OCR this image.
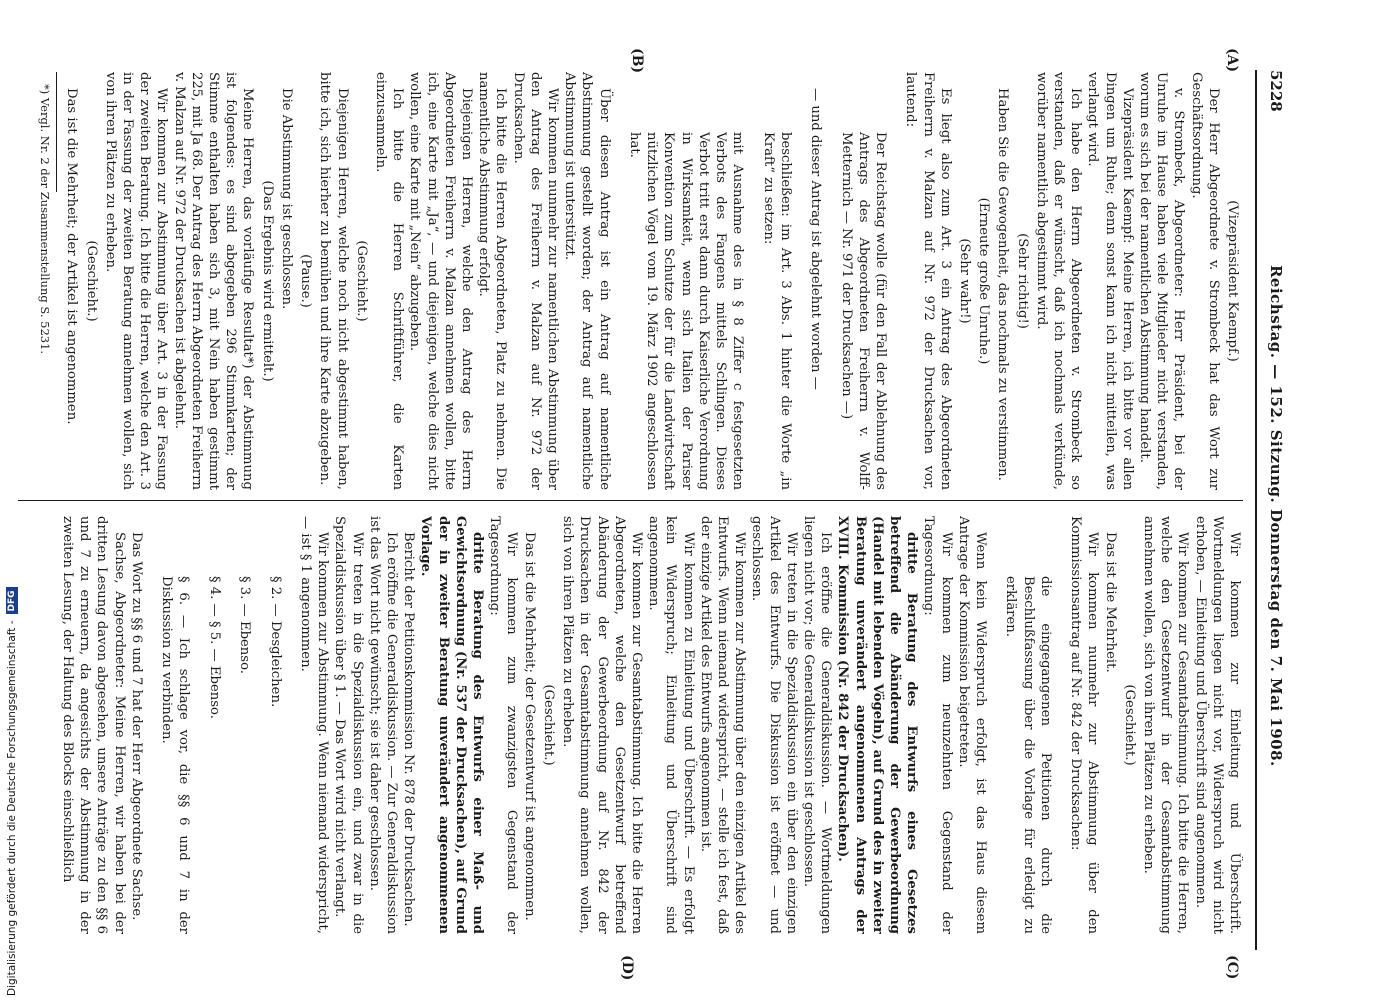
5228
Reichstag. — 152. Sitzung. Donnerstag den 7. Mai 1908.
(A)
(B)
(C)
(D)

(Vizepräsident Kaempf.)

Der Herr Abgeordnete v. Strombeck hat das Wort zur Geschäftsordnung.

v. Strombeck, Abgeordneter: Herr Präsident, bei der Unruhe im Hause haben viele Mitglieder nicht verstanden, worum es sich bei der namentlichen Abstimmung handelt.

Vizepräsident Kaempf: Meine Herren, ich bitte vor allen Dingen um Ruhe; denn sonst kann ich nicht mitteilen, was verlangt wird.

Ich habe den Herrn Abgeordneten v. Strombeck so verstanden, daß er wünscht, daß ich nochmals verkünde, worüber namentlich abgestimmt wird.

(Sehr richtig!)

Haben Sie die Gewogenheit, das nochmals zu verstimmen.

(Erneute große Unruhe.)

(Sehr wahr!)

Es liegt also zum Art. 3 ein Antrag des Abgeordneten Freiherrn v. Malzan auf Nr. 972 der Drucksachen vor, lautend:

Der Reichstag wolle (für den Fall der Ablehnung des Antrags des Abgeordneten Freiherrn v. Wolff-Metternich — Nr. 971 der Drucksachen —)

— und dieser Antrag ist abgelehnt worden —

beschließen: im Art. 3 Abs. 1 hinter die Worte „in Kraft“ zu setzen:

mit Ausnahme des in § 8 Ziffer c festgesetzten Verbots des Fangens mittels Schlingen. Dieses Verbot tritt erst dann durch Kaiserliche Verordnung in Wirksamkeit, wenn sich Italien der Pariser Konvention zum Schutze der für die Landwirtschaft nützlichen Vögel vom 19. März 1902 angeschlossen hat.

Über diesen Antrag ist ein Antrag auf namentliche Abstimmung gestellt worden; der Antrag auf namentliche Abstimmung ist unterstützt.

Wir kommen nunmehr zur namentlichen Abstimmung über den Antrag des Freiherrn v. Malzan auf Nr. 972 der Drucksachen.

Ich bitte die Herren Abgeordneten, Platz zu nehmen. Die namentliche Abstimmung erfolgt.

Diejenigen Herren, welche den Antrag des Herrn Abgeordneten Freiherrn v. Malzan annehmen wollen, bitte ich, eine Karte mit „Ja“, — und diejenigen, welche dies nicht wollen, eine Karte mit „Nein“ abzugeben.

Ich bitte die Herren Schriftführer, die Karten einzusammeln.

(Geschieht.)

Diejenigen Herren, welche noch nicht abgestimmt haben, bitte ich, sich hierher zu bemühen und ihre Karte abzugeben.

(Pause.)

Die Abstimmung ist geschlossen.

(Das Ergebnis wird ermittelt.)

Meine Herren, das vorläufige Resultat*) der Abstimmung ist folgendes: es sind abgegeben 296 Stimmkarten; der Stimme enthalten haben sich 3, mit Nein haben gestimmt 225, mit Ja 68. Der Antrag des Herrn Abgeordneten Freiherrn v. Malzan auf Nr. 972 der Drucksachen ist abgelehnt.

Wir kommen zur Abstimmung über Art. 3 in der Fassung der zweiten Beratung. Ich bitte die Herren, welche den Art. 3 in der Fassung der zweiten Beratung annehmen wollen, sich von ihren Plätzen zu erheben.

(Geschieht.)

Das ist die Mehrheit; der Artikel ist angenommen.

*) Vergl. Nr. 2 der Zusammenstellung S. 5231.

Wir kommen zur Einleitung und Überschrift. Wortmeldungen liegen nicht vor, Widerspruch wird nicht erhoben, — Einleitung und Überschrift sind angenommen.

Wir kommen zur Gesamtabstimmung. Ich bitte die Herren, welche den Gesetzentwurf in der Gesamtabstimmung annehmen wollen, sich von ihren Plätzen zu erheben.

(Geschieht.)

Das ist die Mehrheit.

Wir kommen nunmehr zur Abstimmung über den Kommissionsantrag auf Nr. 842 der Drucksachen:

die eingegangenen Petitionen durch die Beschlußfassung über die Vorlage für erledigt zu erklären.

Wenn kein Widerspruch erfolgt, ist das Haus diesem Antrage der Kommission beigetreten.

Wir kommen zum neunzehnten Gegenstand der Tagesordnung:

dritte Beratung des Entwurfs eines Gesetzes betreffend die Abänderung der Gewerbeordnung (Handel mit lebenden Vögeln), auf Grund des in zweiter Beratung unverändert angenommenen Antrags der XVIII. Kommission (Nr. 842 der Drucksachen).

Ich eröffne die Generaldiskussion. — Wortmeldungen liegen nicht vor; die Generaldiskussion ist geschlossen.

Wir treten in die Spezialdiskussion ein über den einzigen Artikel des Entwurfs. Die Diskussion ist eröffnet — und geschlossen.

Wir kommen zur Abstimmung über den einzigen Artikel des Entwurfs. Wenn niemand widerspricht, — stelle ich fest, daß der einzige Artikel des Entwurfs angenommen ist.

Wir kommen zu Einleitung und Überschrift. — Es erfolgt kein Widerspruch; Einleitung und Überschrift sind angenommen.

Wir kommen zur Gesamtabstimmung. Ich bitte die Herren Abgeordneten, welche den Gesetzentwurf betreffend Abänderung der Gewerbeordnung auf Nr. 842 der Drucksachen in der Gesamtabstimmung annehmen wollen, sich von ihren Plätzen zu erheben.

(Geschieht.)

Das ist die Mehrheit; der Gesetzentwurf ist angenommen.

Wir kommen zum zwanzigsten Gegenstand der Tagesordnung:

dritte Beratung des Entwurfs einer Maß- und Gewichtsordnung (Nr. 537 der Drucksachen), auf Grund der in zweiter Beratung unverändert angenommenen Vorlage.

Bericht der Petitionskommission Nr. 878 der Drucksachen.

Ich eröffne die Generaldiskussion. — Zur Generaldiskussion ist das Wort nicht gewünscht; sie ist daher geschlossen.

Wir treten in die Spezialdiskussion ein, und zwar in die Spezialdiskussion über § 1. — Das Wort wird nicht verlangt.

Wir kommen zur Abstimmung. Wenn niemand widerspricht, — ist § 1 angenommen.

§ 2. — Desgleichen.

§ 3. — Ebenso.

§ 4. — § 5. — Ebenso.

§ 6. — Ich schlage vor, die §§ 6 und 7 in der Diskussion zu verbinden.

Das Wort zu §§ 6 und 7 hat der Herr Abgeordnete Sachse.

Sachse, Abgeordneter: Meine Herren, wir haben bei der dritten Lesung davon abgesehen, unsere Anträge zu den §§ 6 und 7 zu erneuern, da angesichts der Abstimmung in der zweiten Lesung, der Haltung des Blocks einschließlich

Digitalisierung gefördert durch die Deutsche Forschungsgemeinschaft -
DFG
